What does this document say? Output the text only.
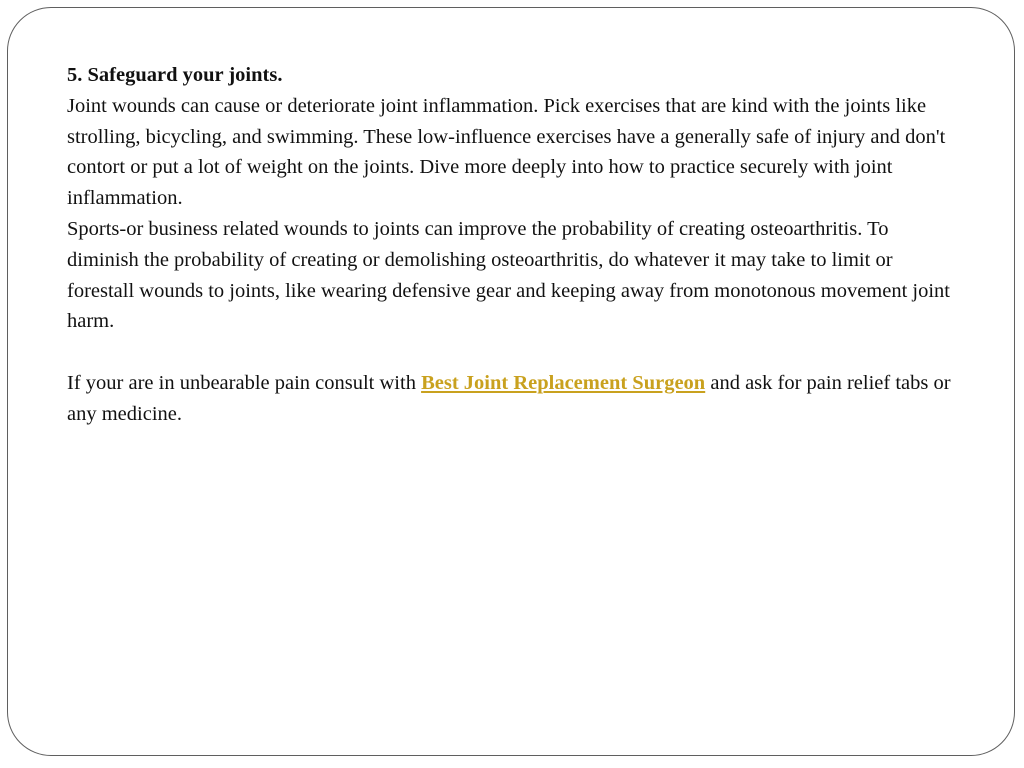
5. Safeguard your joints.

Joint wounds can cause or deteriorate joint inflammation. Pick exercises that are kind with the joints like strolling, bicycling, and swimming. These low-influence exercises have a generally safe of injury and don't contort or put a lot of weight on the joints. Dive more deeply into how to practice securely with joint inflammation.

Sports-or business related wounds to joints can improve the probability of creating osteoarthritis. To diminish the probability of creating or demolishing osteoarthritis, do whatever it may take to limit or forestall wounds to joints, like wearing defensive gear and keeping away from monotonous movement joint harm.

If your are in unbearable pain consult with Best Joint Replacement Surgeon and ask for pain relief tabs or any medicine.
